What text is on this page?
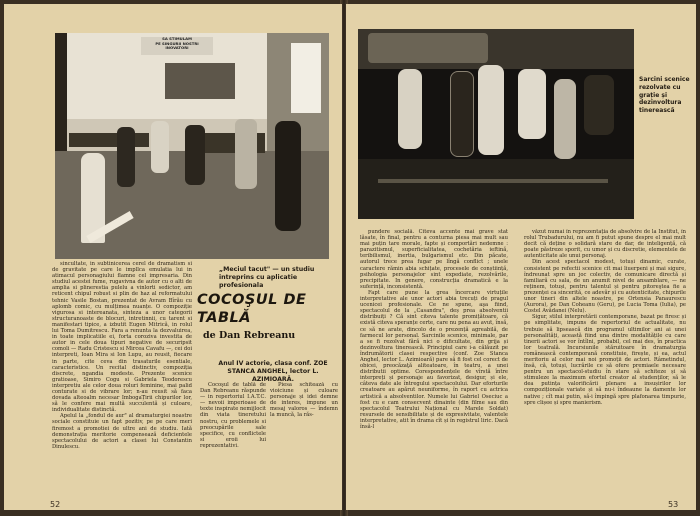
SA STIMULAM
PE SINGURII NOSTRI
INOVATORI

sincultate, in subtinicerea cerel de dramatism si de gravitate pe care le impllca emulatia lui in atimacul personagiului flamne cel impresaria. Din studiul acestei fume, rugavivna de autor cu o alti de amplia si plinerestia pulelu a vinlorti sedictor, am reticent chipul robust si plin de haz al reformatului tehnic Vasile Bostan, prezentat de Avram Bîrău cu aplomb comic, cu mulțimea nuanțe. O compoziție vigurosa si intereanata, sinteza a unor categorii structuranoaste de blocuri, intretinnii, cu tarent si manifestari tipice, a izbutit Eugen Mitrică, in rolul lui Toma Dumitrescu. Fara a renunta la dezvaluirea, in toate implicatiile ei, forta coroziva investita de autor in cele doua tipuri negative de securipsit comoli — Radu Cristescu si Mircea Cavafu —, cei doi interpreti, Ioan Mira si Ion Lupu, au reusit, fiecare in parte, cite ceva din trasaturile esentiale, caracteristice. Un recital distinctiv, compoziția discrete, ngandia modeste. Prezente scenice gratioase, Simiro Cogu si Gabriela Teodorescu interpretiu ale celor doua roluri feminine, mai palid conturate si de vibrare lor; n-au reusit să faca dovada alteoalm necesar ImbogaȚirii chipurilor lor, să le confere mai multă succulentă și culoare, individualitate distinctă.

Apelul la „fondul de aur" al dramaturgiei noastre sociale constituie un fapt pozitiv, pe pe care meri firemost a promotiei de ultre ani de studiu. Iată demonstrația meritorie compensează deficientele spectacolului de actori a clasei lui Constantin Dinulescu.

„Meciul tacut" — un studiu intreprins cu aplicatie profesionala
COCOŞUL DE TABLĂ
de Dan Rebreanu
Anul IV actorie, clasa conf. ZOE STANCA ANGHEL, lector L. AZIMIOARĂ.

Cocoşul de tablă de Dan Rebreanu răspunde — in repertoriul I.A.T.C. — nevoii imperioase de texte inspirate nemijlocit din viata tineretului nostru, cu problemele si preocupările sale specifice, cu conflictele si eroii lui reprezentativi.

Piesa schitează cu vioiciune și culoare personaje și idei demne de interes, impune un mesaj valoros — îndemn la muncă, la răs-

52
Sarcini scenice rezolvate cu grație și dezinvoltura tinerească

pundere socială. Citeva accente mai grave stat lăsate, în final, pentru a conturna piesa mai mult sau mai puțin tare morale, fapte și comportări nedemne : parazitismul, superficialitatea, cochetăria ieftină, teribilismul, inertia, bulgarismul etc. Din păcate, autorul trece prea fugar pe lîngă conflict ; unele caractere rămin abia schițate, procesele de conștiință, psihologia personajelor sint expediate, rezolvările, precipitate. In genere, construcția dramatică e la suferință, inconsistentă.

Fapt care pune la grea încercare virtuțile interpretative ale unor actori abia trecuți de pragul ucenicei profesionale. Ce ne spune, aşa fiind, spectacolul de la „Casandra", deș prea absolventii distribuiți ? Că sint citeva talente promițătoare, că există citeva speranțe certe, care nu pena au avut, însă, ce să ne arate, dincolo de o prezență agreabilă, de farmecul lor personal. Sarcinile scenice, minimale, par a se fi rezolvat fără nici o dificultate, din grija și dezinvoltura tinerească. Principiul care i-a călăuzit pe îndrumătorii clasei respective (conf. Zoe Stanca Anghel, lector L. Azimioară) pare să fi fost cel corect de obicei, preocăzaţă aliteatoare, în teatru, a unei distributii optime. Corespondențele de vîrstă între interpreți și personaje au favorizat, desigur, și ele, câteva date ale întregului spectacolului. Dar eforturile creatoare au apărut neuniforme, în raport cu actrica artistică a absolventilor. Numele lui Gabriel Oseciuc a fost cu e cam consecvent dinainte (din filme sau din spectacolul Teatrului Național cu Marele Soldat) resursele de sensibilitate și de expresivitate, valentele interpretative, atit în drama cît și în registrul liric. Dacă însă-l

văzut numai în reprezentația de absolvire de la Institut, în rolul Trubadurului, nu am fi putut spune despre el mai mult decit că deține o solidară stare de dar, de inteligență, că poate păstreze sporit, cu umor și cu discretie, elementele de autenticitate ale unui personaj.

Din acest spectacol modest, totuși dinamic, curate, consistent pe refectii scenice cit mai liuerpeni și mai sigure, îndreunat spre un joc colectiv, de comunicare directă și familiară cu sala, de un anumit nivel de ansamblare, — ne reținem, totuși, pentru talentul și pentru pitoreştea fie a prezenței ca sincerită, ce adevăr și cu autenticitate, chipurile unor tineri din altele noastre, pe Ortensia Panaurescu (Aurora), pe Dan Coheanu (Geru), pe Lucia Toma (Iulia), pe Costel Avădanei (Nelu).

Sigur, stilul interpretării contemporane, bazat pe firesc și pe simplitate, impuns de repertoriul de actualitate, nu trebuie să lipsească din programul ultimilor ani ai unei personalități, această fiind una dintre modalitățile cu care tinerii actori se vor întîlni, probabil, cel mai des, în practica lor teatrală. Incursiunile stăruitoare în dramaturgia românească contemporană constituie, firește, și ea, actul meritoriu al celor mai noi promoții de actori. Râmetindul, însă, că, totuși, lucrările ce să ofere premiaele necesare pentru un spectacol-studiu în stare să schiteze și să stimuleze la maximum efortul creator al studenților, să le dea putința valorificării plenare a insușirilor lor compoziționale variate și să nu-i îndeaune la damente lor native ; cît mai putin, să-i împingă spre plafonarea timpurie, spre clișee și spre manierism.

53
